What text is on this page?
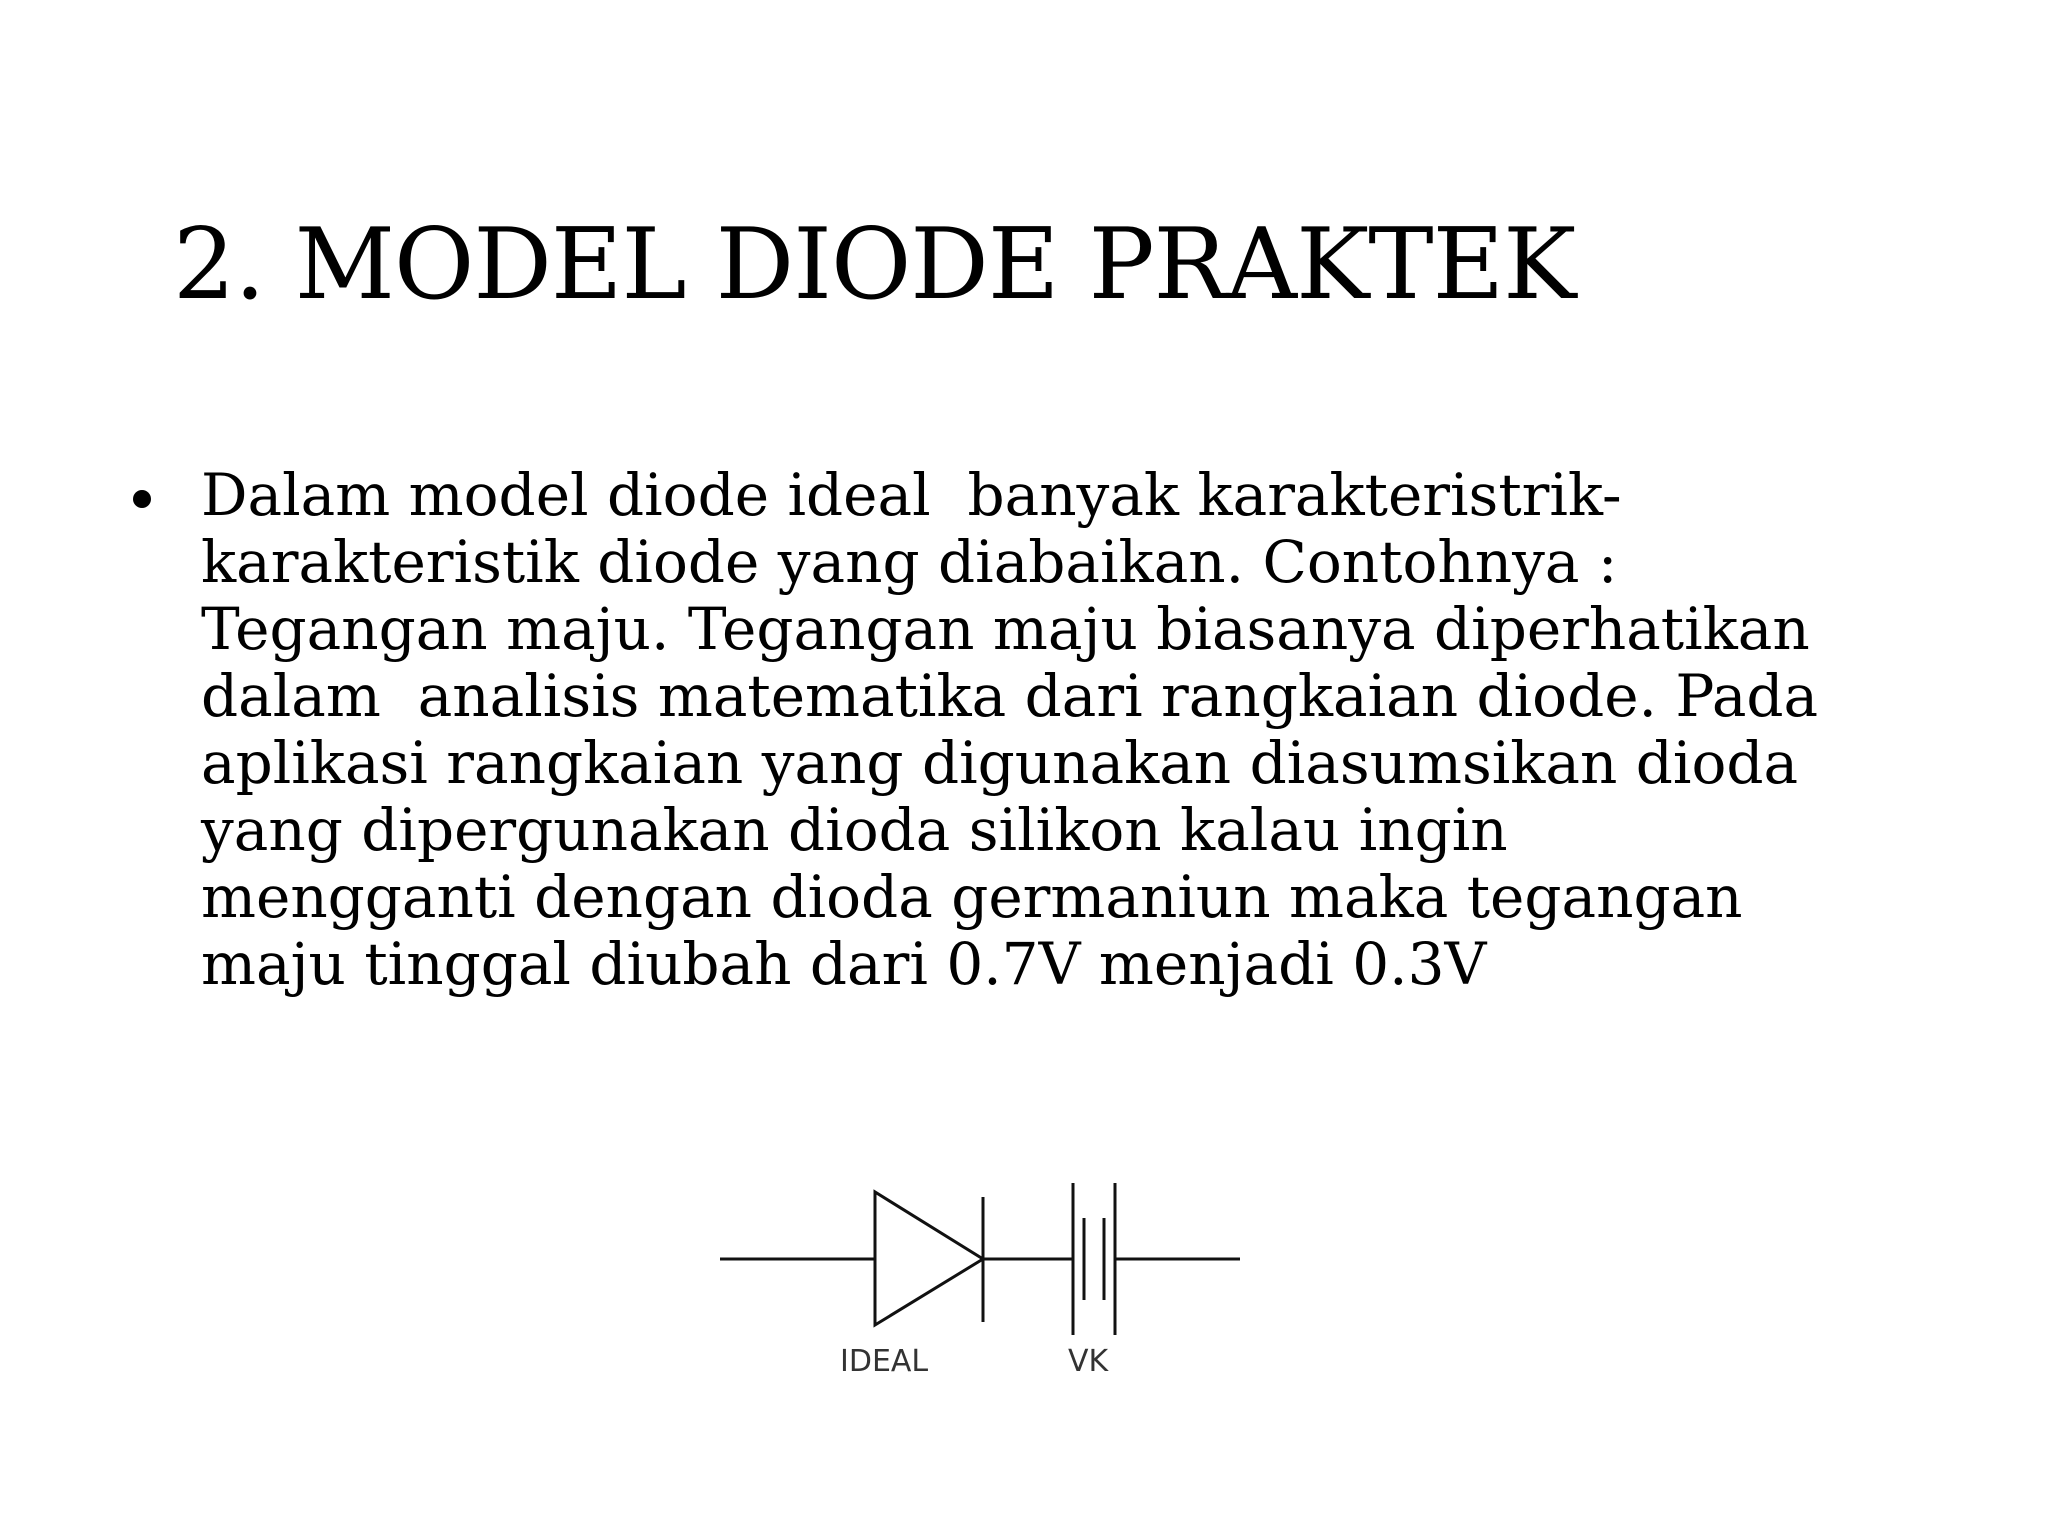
2. MODEL DIODE PRAKTEK
Dalam model diode ideal  banyak karakteristrik-
karakteristik diode yang diabaikan. Contohnya :
Tegangan maju. Tegangan maju biasanya diperhatikan
dalam  analisis matematika dari rangkaian diode. Pada
aplikasi rangkaian yang digunakan diasumsikan dioda
yang dipergunakan dioda silikon kalau ingin
mengganti dengan dioda germaniun maka tegangan
maju tinggal diubah dari 0.7V menjadi 0.3V
IDEAL	VK
